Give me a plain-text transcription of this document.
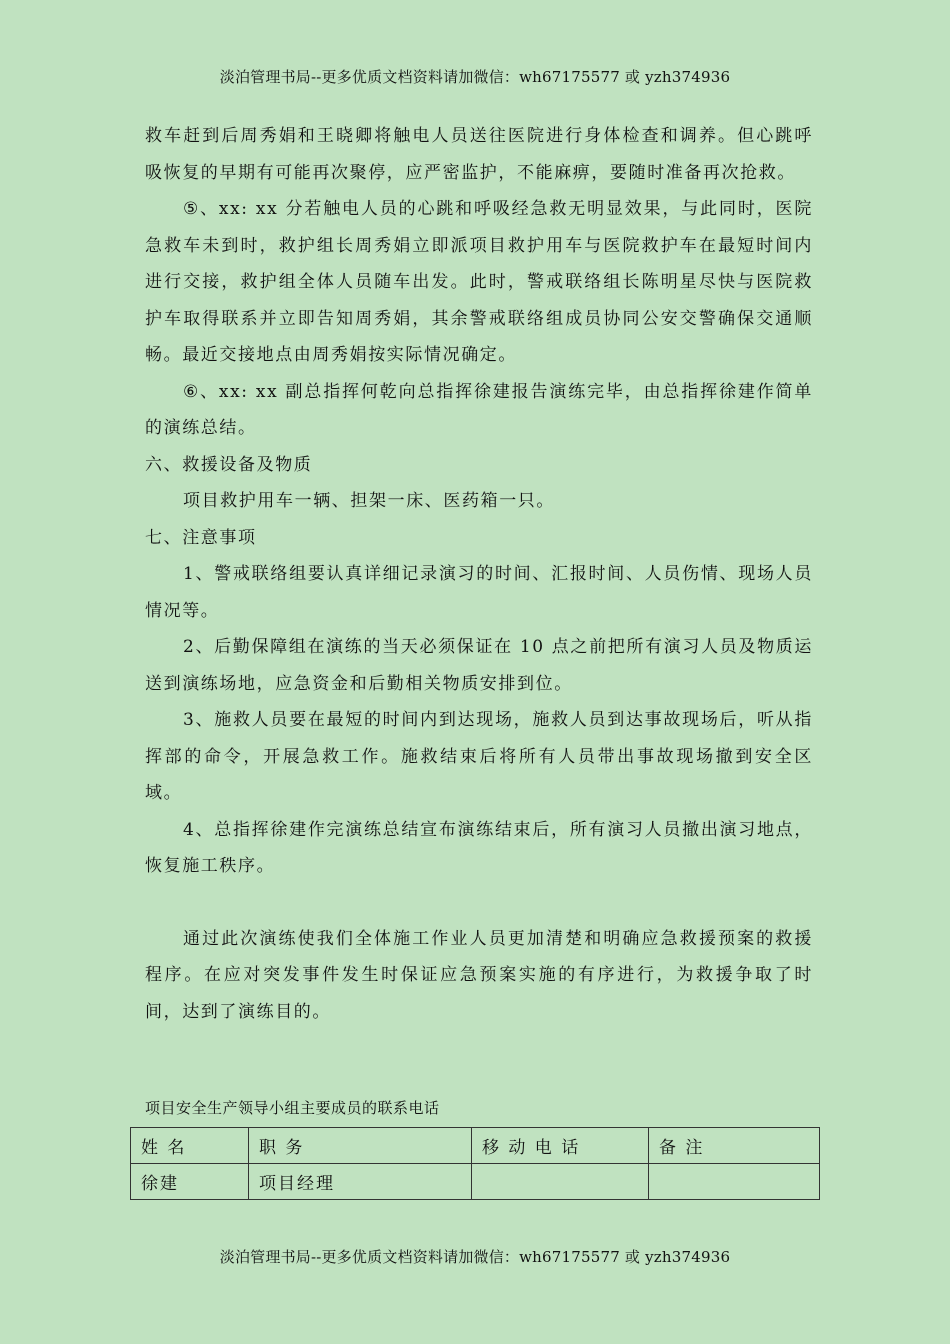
淡泊管理书局--更多优质文档资料请加微信：wh67175577 或 yzh374936

救车赶到后周秀娟和王晓卿将触电人员送往医院进行身体检查和调养。但心跳呼吸恢复的早期有可能再次聚停，应严密监护，不能麻痹，要随时准备再次抢救。

⑤、xx: xx 分若触电人员的心跳和呼吸经急救无明显效果，与此同时，医院急救车未到时，救护组长周秀娟立即派项目救护用车与医院救护车在最短时间内进行交接，救护组全体人员随车出发。此时，警戒联络组长陈明星尽快与医院救护车取得联系并立即告知周秀娟，其余警戒联络组成员协同公安交警确保交通顺畅。最近交接地点由周秀娟按实际情况确定。

⑥、xx: xx 副总指挥何乾向总指挥徐建报告演练完毕，由总指挥徐建作简单的演练总结。

六、救援设备及物质

项目救护用车一辆、担架一床、医药箱一只。

七、注意事项

1、警戒联络组要认真详细记录演习的时间、汇报时间、人员伤情、现场人员情况等。

2、后勤保障组在演练的当天必须保证在 10 点之前把所有演习人员及物质运送到演练场地，应急资金和后勤相关物质安排到位。

3、施救人员要在最短的时间内到达现场，施救人员到达事故现场后，听从指挥部的命令，开展急救工作。施救结束后将所有人员带出事故现场撤到安全区域。

4、总指挥徐建作完演练总结宣布演练结束后，所有演习人员撤出演习地点，恢复施工秩序。

通过此次演练使我们全体施工作业人员更加清楚和明确应急救援预案的救援程序。在应对突发事件发生时保证应急预案实施的有序进行，为救援争取了时间，达到了演练目的。

项目安全生产领导小组主要成员的联系电话
姓 名	职 务	移 动 电 话	备 注
徐建	项目经理		
淡泊管理书局--更多优质文档资料请加微信：wh67175577 或 yzh374936
